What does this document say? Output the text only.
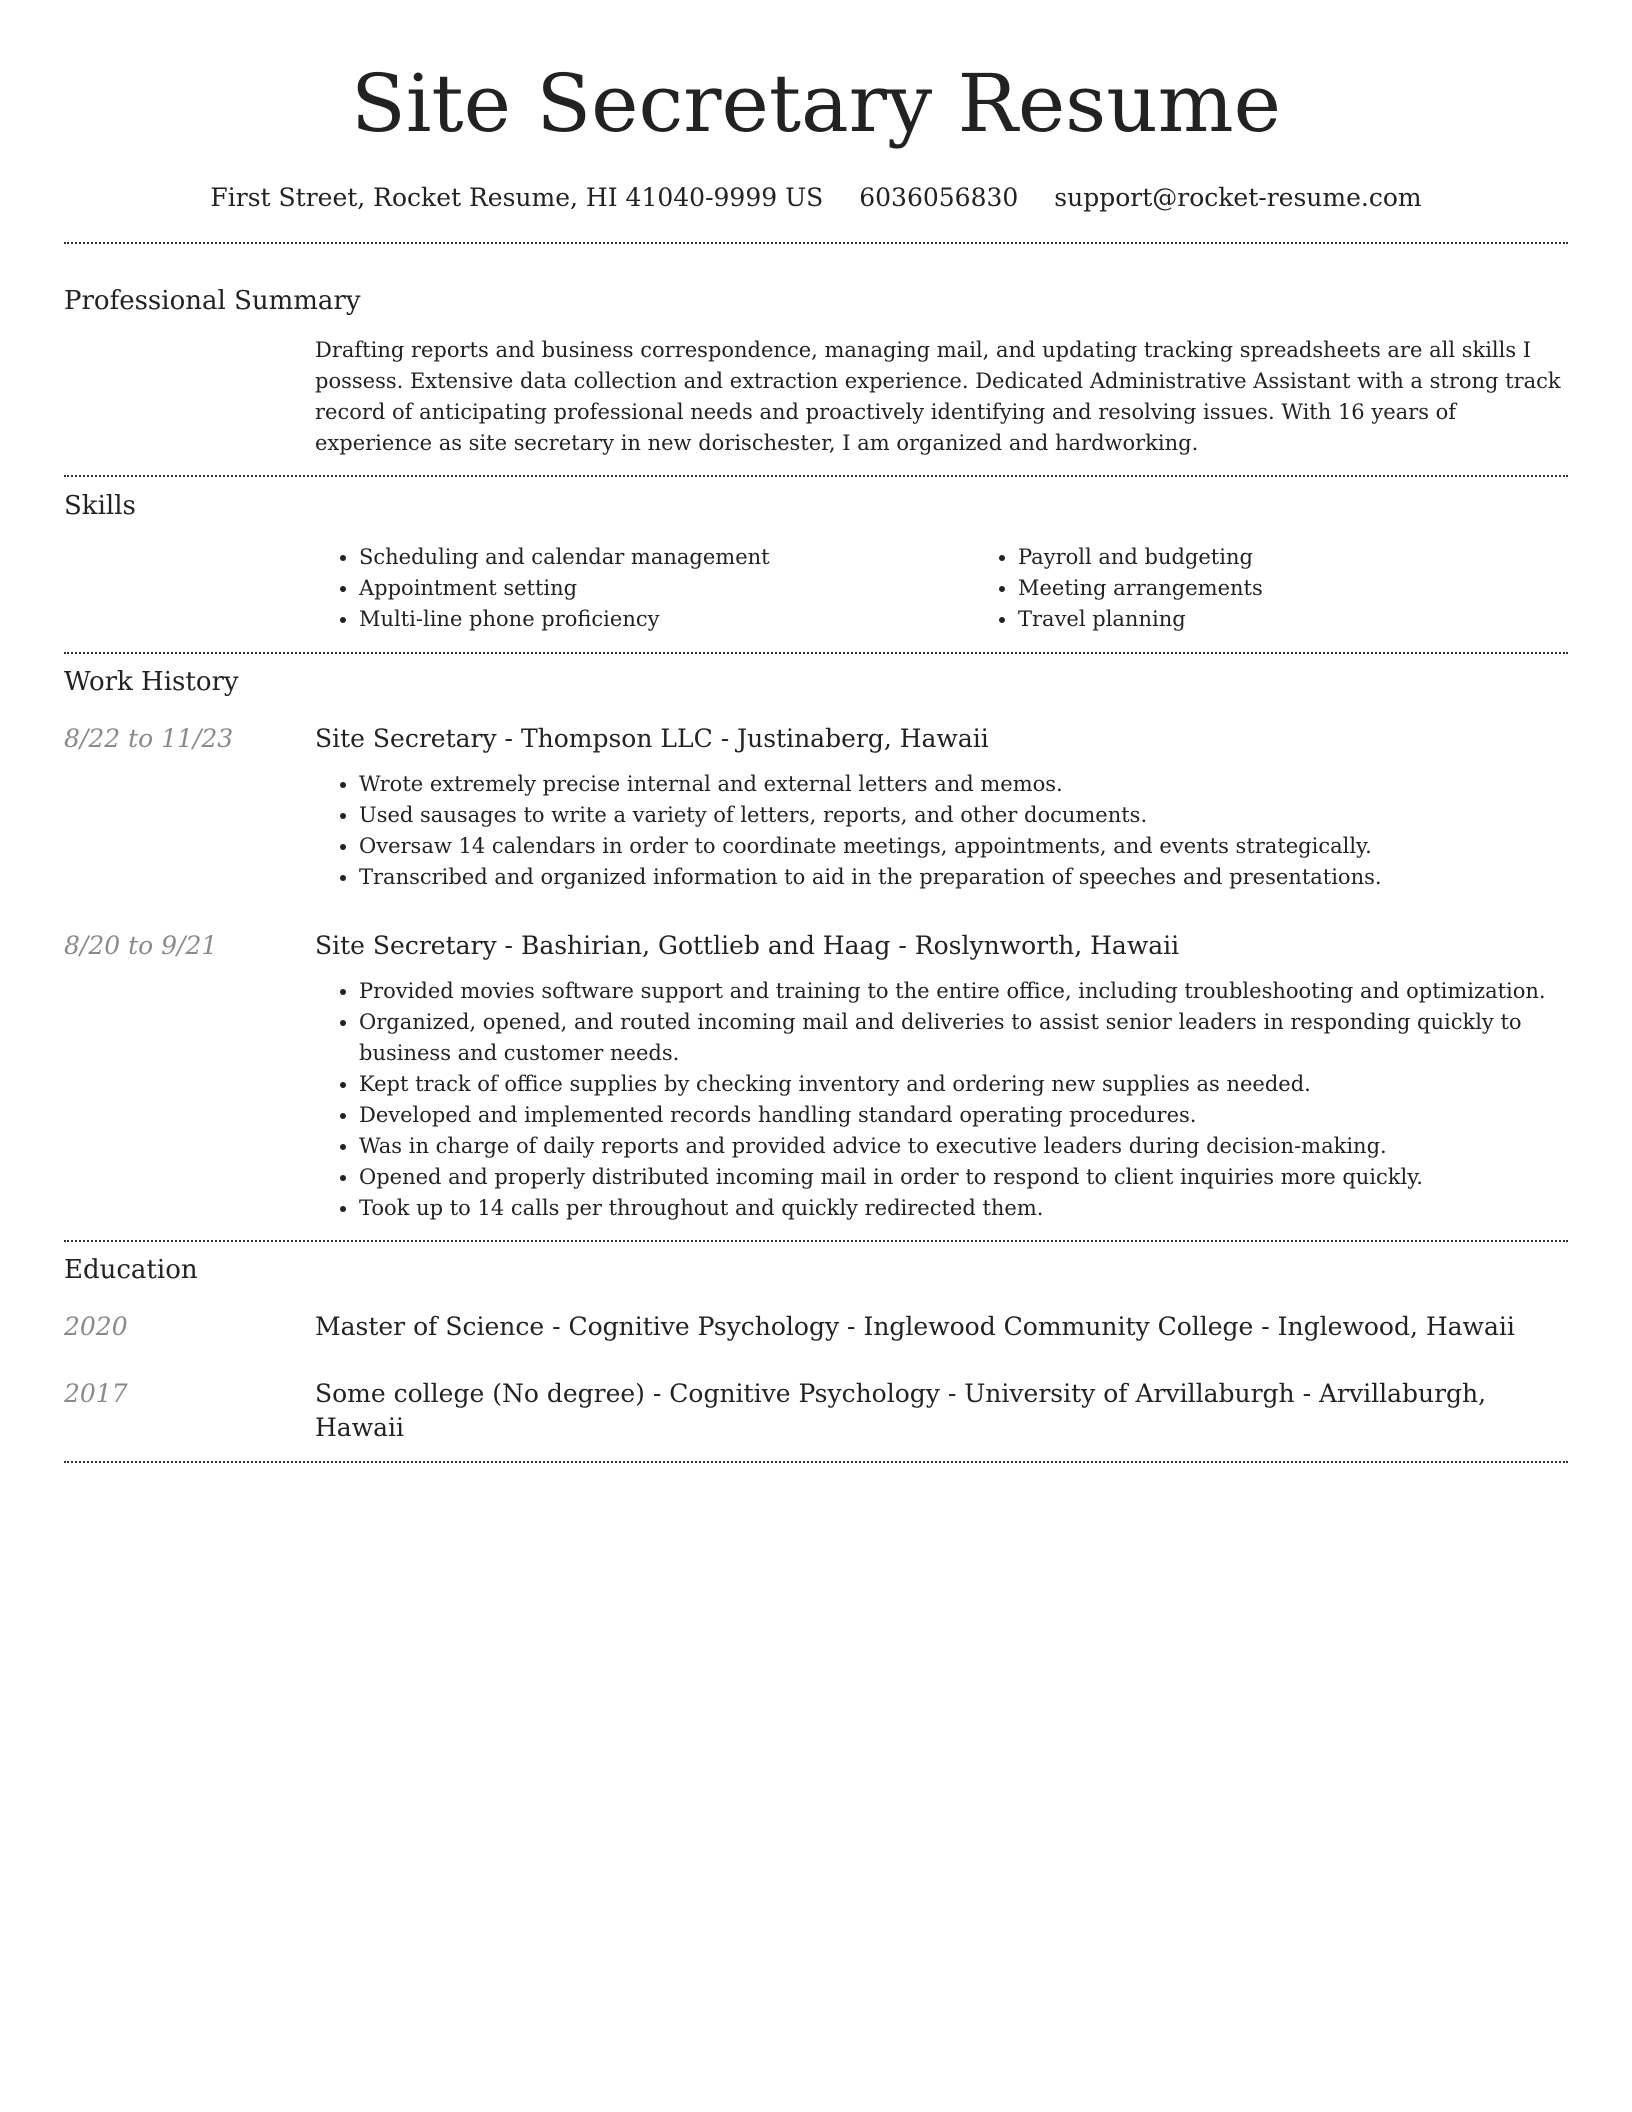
Site Secretary Resume
First Street, Rocket Resume, HI 41040-9999 US 6036056830 support@rocket-resume.com
Professional Summary

Drafting reports and business correspondence, managing mail, and updating tracking spreadsheets are all skills I possess. Extensive data collection and extraction experience. Dedicated Administrative Assistant with a strong track record of anticipating professional needs and proactively identifying and resolving issues. With 16 years of experience as site secretary in new dorischester, I am organized and hardworking.

Skills
• Scheduling and calendar management
• Appointment setting
• Multi-line phone proficiency
• Payroll and budgeting
• Meeting arrangements
• Travel planning
Work History
8/22 to 11/23	Site Secretary - Thompson LLC - Justinaberg, Hawaii
• Wrote extremely precise internal and external letters and memos.
• Used sausages to write a variety of letters, reports, and other documents.
• Oversaw 14 calendars in order to coordinate meetings, appointments, and events strategically.
• Transcribed and organized information to aid in the preparation of speeches and presentations.
8/20 to 9/21	Site Secretary - Bashirian, Gottlieb and Haag - Roslynworth, Hawaii
• Provided movies software support and training to the entire office, including troubleshooting and optimization.
• Organized, opened, and routed incoming mail and deliveries to assist senior leaders in responding quickly to business and customer needs.
• Kept track of office supplies by checking inventory and ordering new supplies as needed.
• Developed and implemented records handling standard operating procedures.
• Was in charge of daily reports and provided advice to executive leaders during decision-making.
• Opened and properly distributed incoming mail in order to respond to client inquiries more quickly.
• Took up to 14 calls per throughout and quickly redirected them.
Education
2020	Master of Science - Cognitive Psychology - Inglewood Community College - Inglewood, Hawaii
2017	Some college (No degree) - Cognitive Psychology - University of Arvillaburgh - Arvillaburgh, Hawaii
